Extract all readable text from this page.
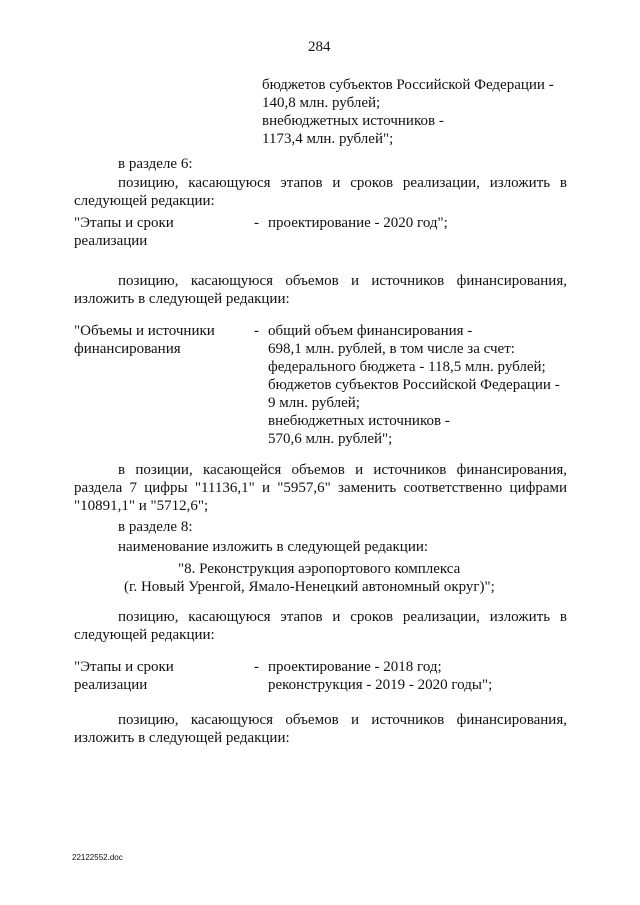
284
бюджетов субъектов Российской Федерации -
140,8 млн. рублей;
внебюджетных источников -
1173,4 млн. рублей";
в разделе 6:
позицию, касающуюся этапов и сроков реализации, изложить в
следующей редакции:
"Этапы и сроки
реализации
- проектирование - 2020 год";
позицию, касающуюся объемов и источников финансирования,
изложить в следующей редакции:
"Объемы и источники
финансирования
- общий объем финансирования -
698,1 млн. рублей, в том числе за счет:
федерального бюджета - 118,5 млн. рублей;
бюджетов субъектов Российской Федерации -
9 млн. рублей;
внебюджетных источников -
570,6 млн. рублей";
в позиции, касающейся объемов и источников финансирования,
раздела 7 цифры "11136,1" и "5957,6" заменить соответственно цифрами
"10891,1" и "5712,6";
в разделе 8:
наименование изложить в следующей редакции:
"8. Реконструкция аэропортового комплекса
(г. Новый Уренгой, Ямало-Ненецкий автономный округ)";
позицию, касающуюся этапов и сроков реализации, изложить в
следующей редакции:
"Этапы и сроки
реализации
- проектирование - 2018 год;
реконструкция - 2019 - 2020 годы";
позицию, касающуюся объемов и источников финансирования,
изложить в следующей редакции:
22122552.doc
